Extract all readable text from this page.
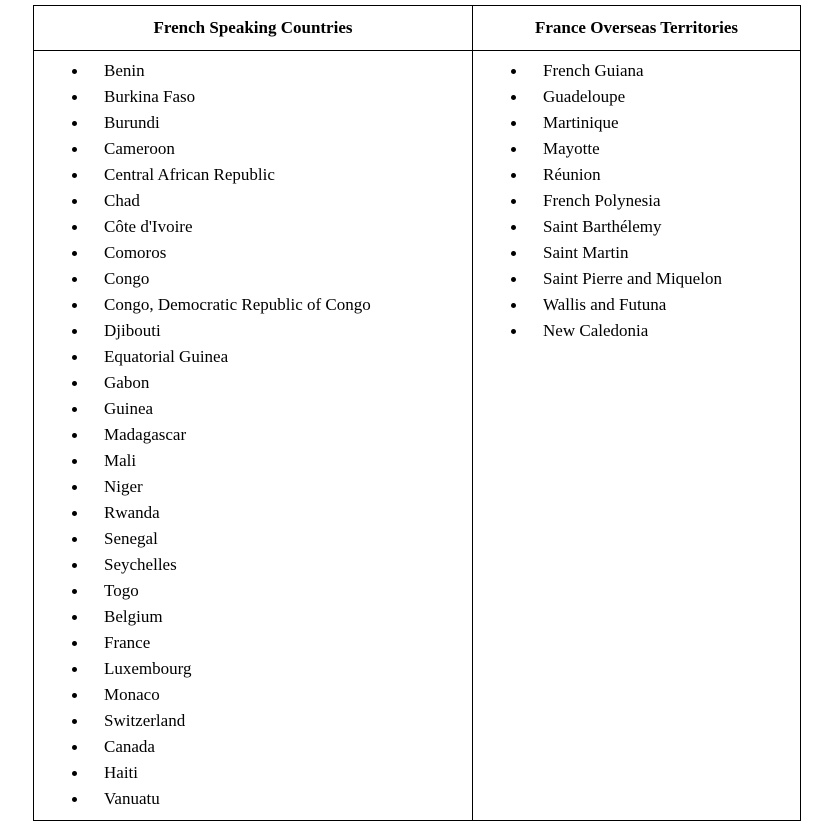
French Speaking Countries	France Overseas Territories
Benin
Burkina Faso
Burundi
Cameroon
Central African Republic
Chad
Côte d'Ivoire
Comoros
Congo
Congo, Democratic Republic of Congo
Djibouti
Equatorial Guinea
Gabon
Guinea
Madagascar
Mali
Niger
Rwanda
Senegal
Seychelles
Togo
Belgium
France
Luxembourg
Monaco
Switzerland
Canada
Haiti
Vanuatu
French Guiana
Guadeloupe
Martinique
Mayotte
Réunion
French Polynesia
Saint Barthélemy
Saint Martin
Saint Pierre and Miquelon
Wallis and Futuna
New Caledonia
